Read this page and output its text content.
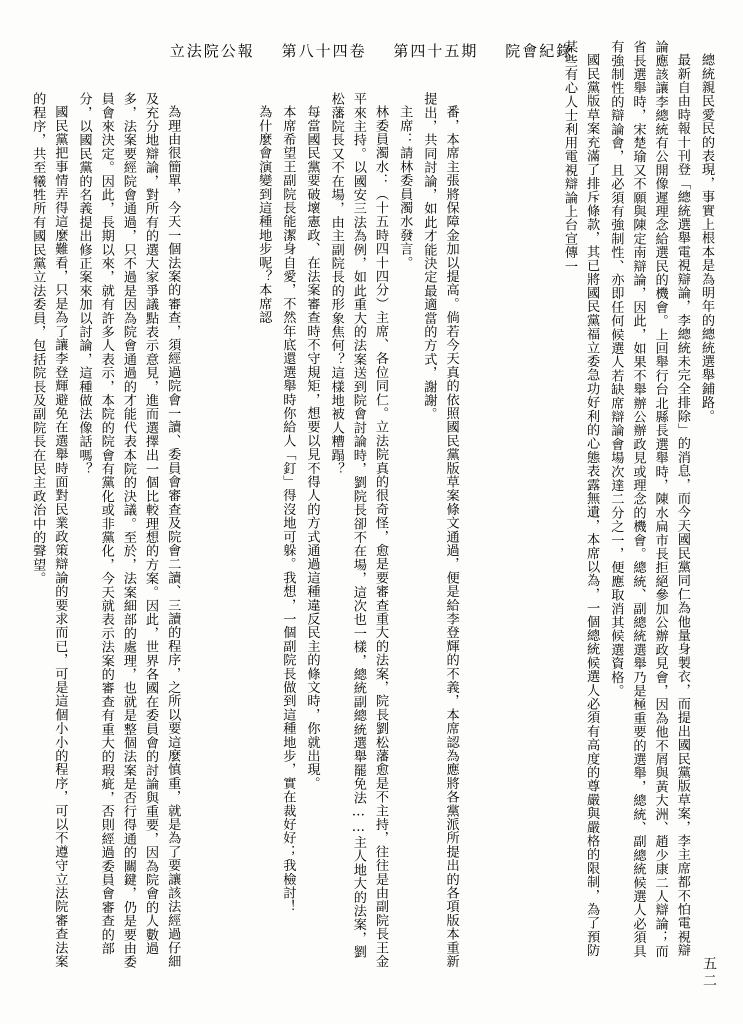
立法院公報 第八十四卷 第四十五期 院會紀錄
總統親民愛民的表現，事實上根本是為明年的總統選舉鋪路。
最新自由時報十刊登「總統選舉電視辯論，李總統未完全排除」的消息，而今天國民黨同仁為他量身製衣，而提出國民黨版草案，李主席都不怕電視辯論應該讓李總統有公開像遲理念給選民的機會。上回舉行台北縣長選舉時，陳水扁市長拒絕參加公辦政見會，因為他不屑與黃大洲、趙少康二人辯論；而省長選舉時，宋楚瑜又不願與陳定南辯論，因此，如果不舉辦公辦政見或理念的機會。總統、副總統選舉乃是極重要的選舉，總統、副總統候選人必須具有強制性的辯論會，且必須有強制性、亦即任何候選人若缺席辯論會場次達二分之一，便應取消其候選資格。
國民黨版草案充滿了排斥條款，其已將國民黨福立委急功好利的心態表露無遺，本席以為，一個總統候選人必須有高度的尊嚴與嚴格的限制，為了預防某些有心人士利用電視辯論上台宣傳一
番，本席主張將保障金加以提高。倘若今天真的依照國民黨版草案條文通過，便是給李登輝的不義，本席認為應將各黨派所提出的各項版本重新提出，共同討論，如此才能決定最適當的方式，謝謝。
主席：請林委員濁水發言。
林委員濁水：（十五時四十四分）主席、各位同仁。立法院真的很奇怪，愈是要審查重大的法案，院長劉松藩愈是不主持，往往是由副院長王金平來主持。以國安三法為例，如此重大的法案送到院會討論時，劉院長卻不在場，這次也一樣，總統副總統選舉罷免法……主人地大的法案，劉松藩院長又不在場，由主副院長的形象焦何？這樣地被人糟蹋？
每當國民黨要破壞憲政、在法案審查時不守規矩，想要以見不得人的方式通過這種違反民主的條文時，你就出現。
本席希望王副院長能潔身自愛，不然年底還選舉時你給人「釘」得沒地可躲。我想，一個副院長做到這種地步，實在裁好好；我檢討！
為什麼會演變到這種地步呢？本席認
為理由很簡單，今天一個法案的審查，須經過院會一讀、委員會審查及院會二讀、三讀的程序，之所以要這麼慎重，就是為了要讓該法經過仔細及充分地辯論，對所有的選大家爭議點表示意見，進而選擇出一個比較理想的方案。因此，世界各國在委員會的討論與重要，因為院會的人數過多，法案要經院會通過，只不過是因為院會通過的才能代表本院的決議。至於，法案細部的處理，也就是整個法案是否行得通的關鍵，仍是要由委員會來決定。因此，長期以來，就有許多人表示，本院的院會有黨化或非黨化，今天就表示法案的審查有重大的瑕疵，否則經過委員會審查的部分，以國民黨的名義提出修正案來加以討論，這種做法像話嗎？
國民黨把事情弄得這麼難看，只是為了讓李登輝避免在選舉時面對民業政策辯論的要求而已，可是這個小小的程序，可以不遵守立法院審查法案的程序，共至犧牲所有國民黨立法委員，包括院長及副院長在民主政治中的聲望。
五二
